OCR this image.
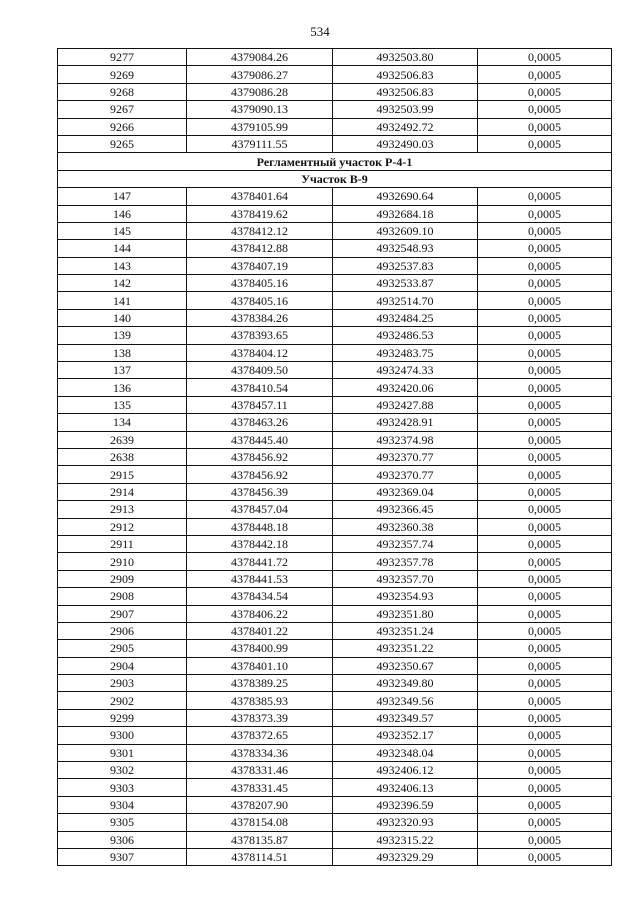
534
9277	4379084.26	4932503.80	0,0005
9269	4379086.27	4932506.83	0,0005
9268	4379086.28	4932506.83	0,0005
9267	4379090.13	4932503.99	0,0005
9266	4379105.99	4932492.72	0,0005
9265	4379111.55	4932490.03	0,0005
Регламентный участок Р-4-1			
Участок В-9			
147	4378401.64	4932690.64	0,0005
146	4378419.62	4932684.18	0,0005
145	4378412.12	4932609.10	0,0005
144	4378412.88	4932548.93	0,0005
143	4378407.19	4932537.83	0,0005
142	4378405.16	4932533.87	0,0005
141	4378405.16	4932514.70	0,0005
140	4378384.26	4932484.25	0,0005
139	4378393.65	4932486.53	0,0005
138	4378404.12	4932483.75	0,0005
137	4378409.50	4932474.33	0,0005
136	4378410.54	4932420.06	0,0005
135	4378457.11	4932427.88	0,0005
134	4378463.26	4932428.91	0,0005
2639	4378445.40	4932374.98	0,0005
2638	4378456.92	4932370.77	0,0005
2915	4378456.92	4932370.77	0,0005
2914	4378456.39	4932369.04	0,0005
2913	4378457.04	4932366.45	0,0005
2912	4378448.18	4932360.38	0,0005
2911	4378442.18	4932357.74	0,0005
2910	4378441.72	4932357.78	0,0005
2909	4378441.53	4932357.70	0,0005
2908	4378434.54	4932354.93	0,0005
2907	4378406.22	4932351.80	0,0005
2906	4378401.22	4932351.24	0,0005
2905	4378400.99	4932351.22	0,0005
2904	4378401.10	4932350.67	0,0005
2903	4378389.25	4932349.80	0,0005
2902	4378385.93	4932349.56	0,0005
9299	4378373.39	4932349.57	0,0005
9300	4378372.65	4932352.17	0,0005
9301	4378334.36	4932348.04	0,0005
9302	4378331.46	4932406.12	0,0005
9303	4378331.45	4932406.13	0,0005
9304	4378207.90	4932396.59	0,0005
9305	4378154.08	4932320.93	0,0005
9306	4378135.87	4932315.22	0,0005
9307	4378114.51	4932329.29	0,0005
